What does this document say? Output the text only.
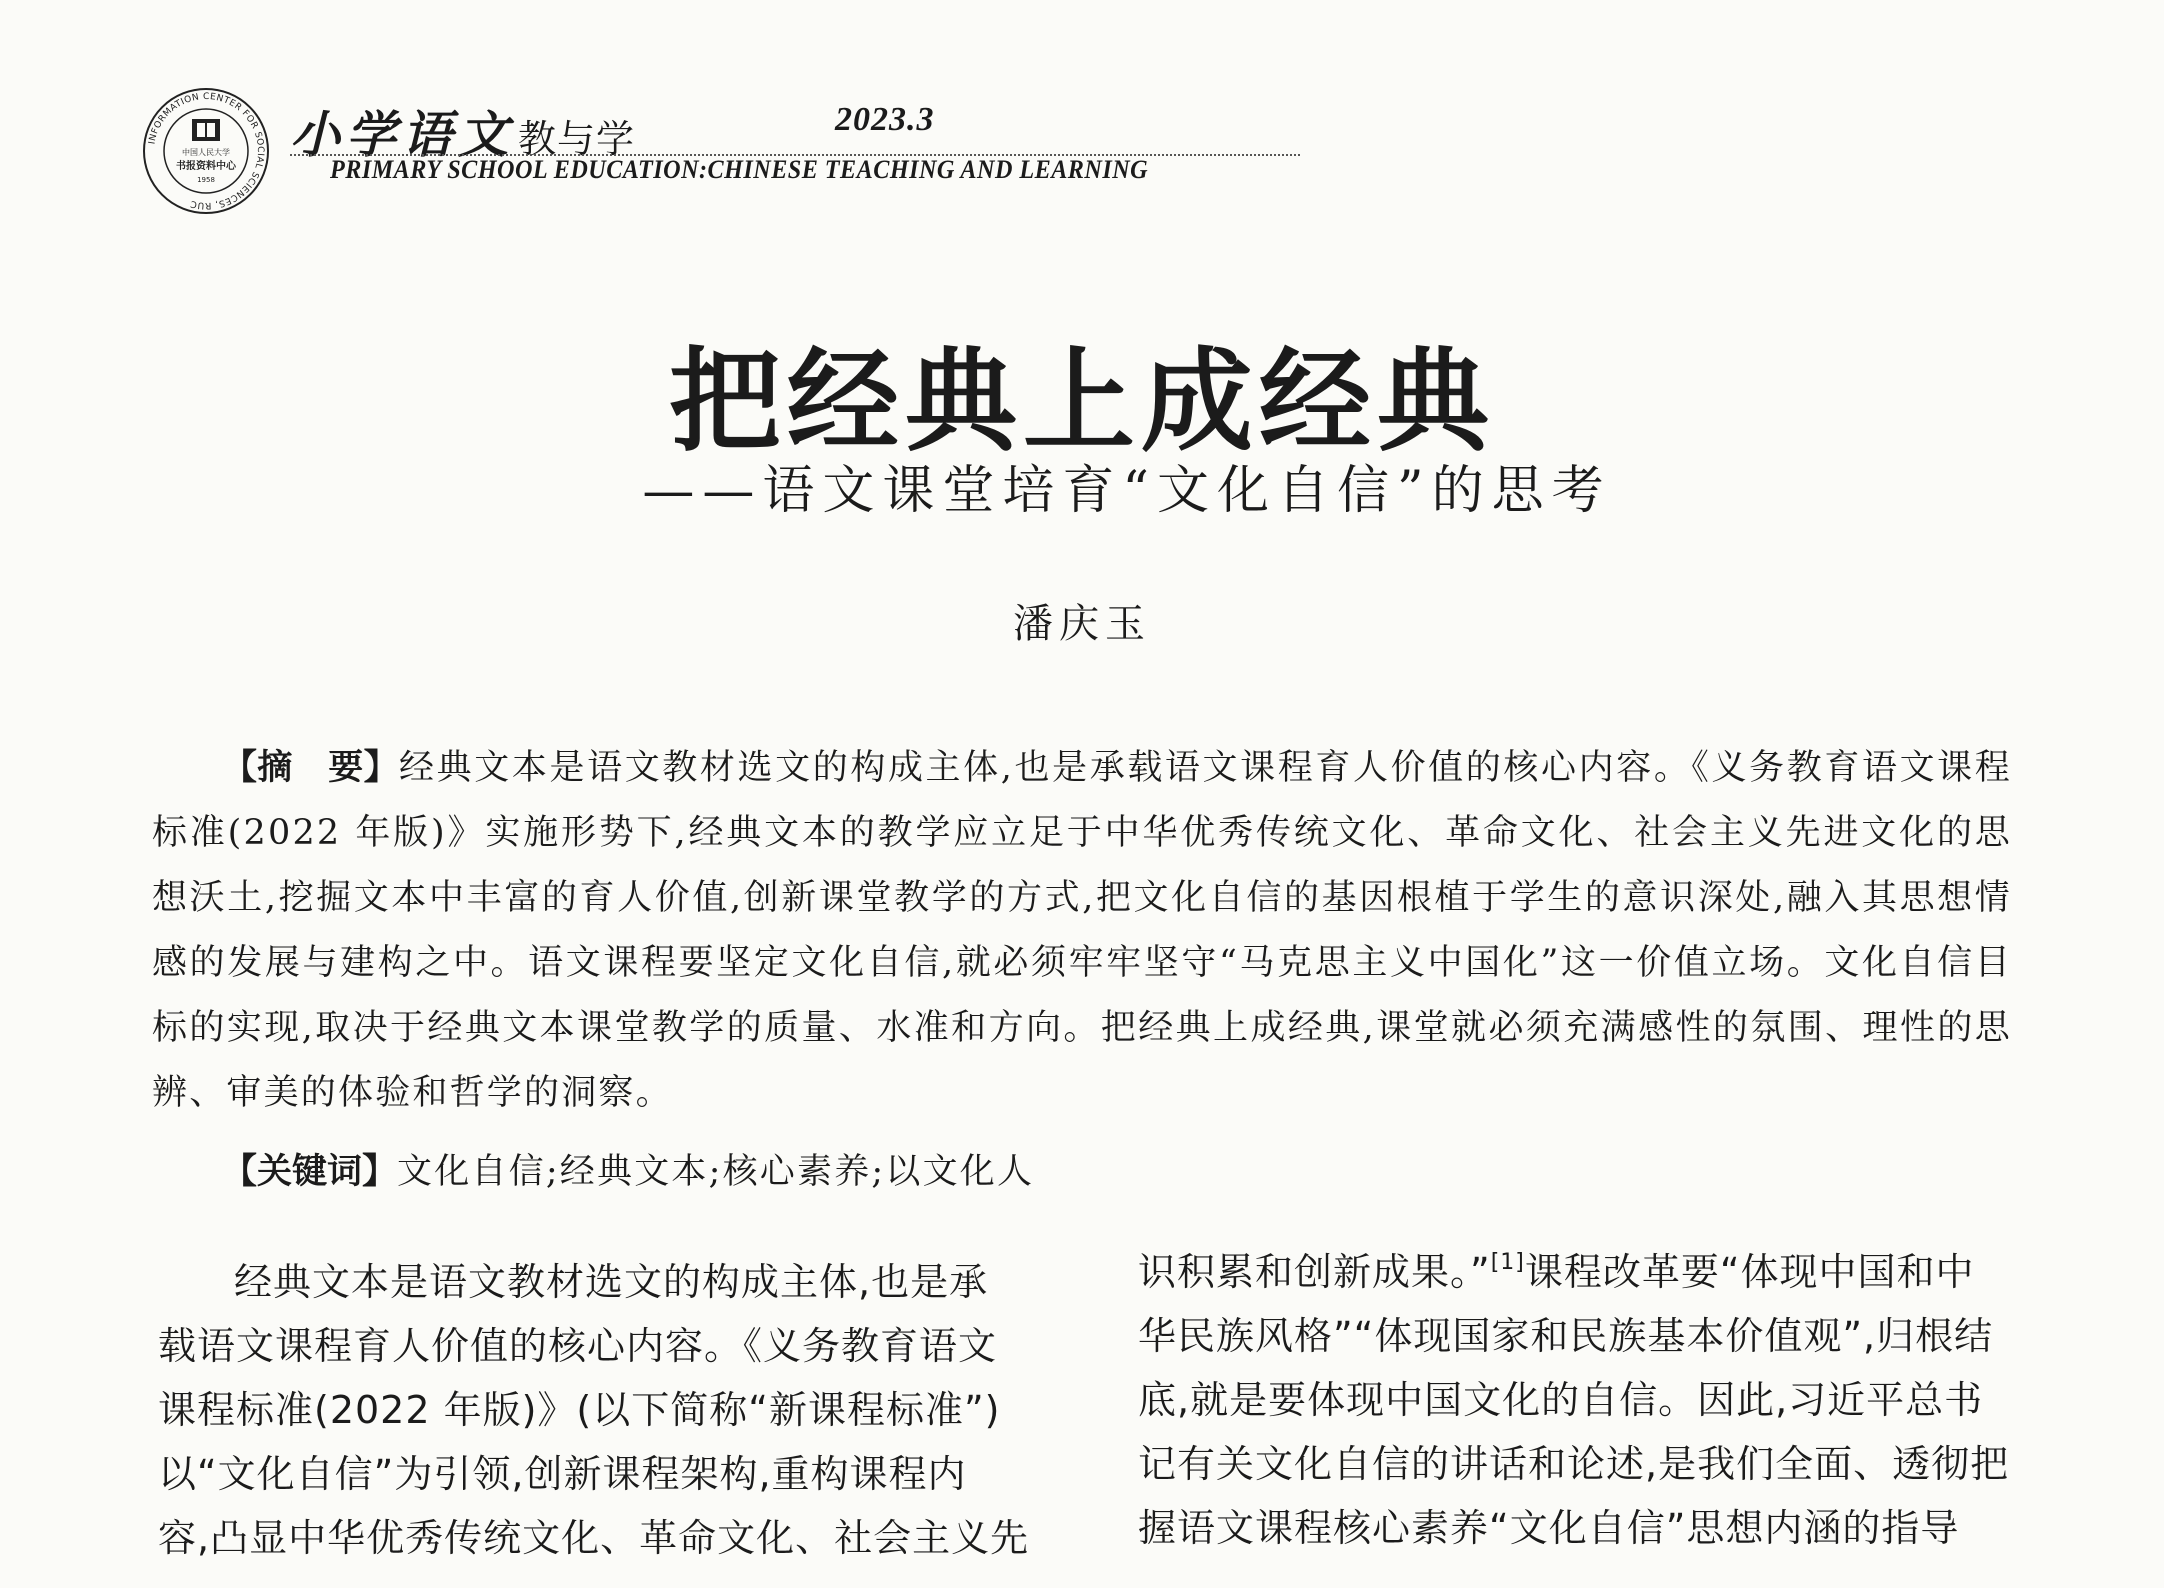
INFORMATION CENTER FOR SOCIAL SCIENCES, RUC
中国人民大学
书报资料中心
1958
小学语文 教与学	2023.3
PRIMARY SCHOOL EDUCATION:CHINESE TEACHING AND LEARNING
把经典上成经典
——语文课堂培育“文化自信”的思考
潘庆玉

【摘　要】经典文本是语文教材选文的构成主体,也是承载语文课程育人价值的核心内容。《义务教育语文课程标准(2022 年版)》实施形势下,经典文本的教学应立足于中华优秀传统文化、革命文化、社会主义先进文化的思想沃土,挖掘文本中丰富的育人价值,创新课堂教学的方式,把文化自信的基因根植于学生的意识深处,融入其思想情感的发展与建构之中。语文课程要坚定文化自信,就必须牢牢坚守“马克思主义中国化”这一价值立场。文化自信目标的实现,取决于经典文本课堂教学的质量、水准和方向。把经典上成经典,课堂就必须充满感性的氛围、理性的思辨、审美的体验和哲学的洞察。

【关键词】文化自信;经典文本;核心素养;以文化人
经典文本是语文教材选文的构成主体,也是承
载语文课程育人价值的核心内容。《义务教育语文
课程标准(2022 年版)》(以下简称“新课程标准”)
以“文化自信”为引领,创新课程架构,重构课程内
容,凸显中华优秀传统文化、革命文化、社会主义先
识积累和创新成果。”[1]课程改革要“体现中国和中
华民族风格”“体现国家和民族基本价值观”,归根结
底,就是要体现中国文化的自信。因此,习近平总书
记有关文化自信的讲话和论述,是我们全面、透彻把
握语文课程核心素养“文化自信”思想内涵的指导
